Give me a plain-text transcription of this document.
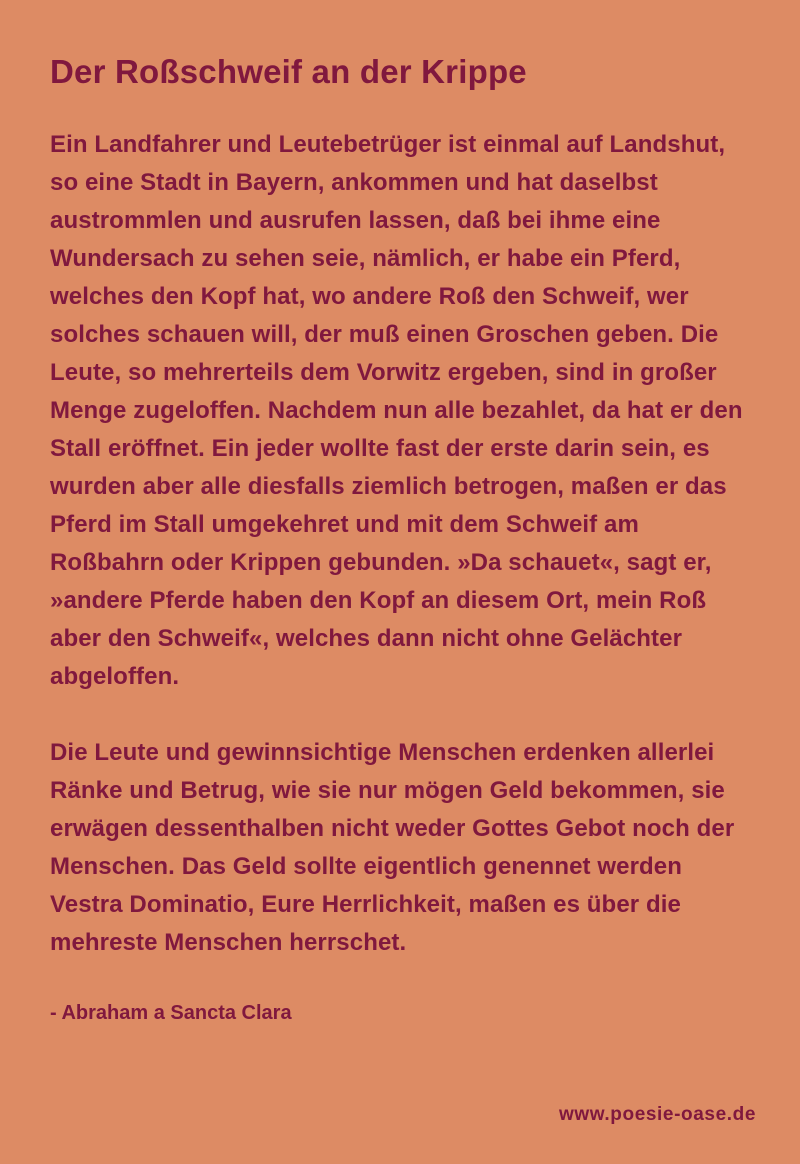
Der Roßschweif an der Krippe

Ein Landfahrer und Leutebetrüger ist einmal auf Landshut, so eine Stadt in Bayern, ankommen und hat daselbst austrommlen und ausrufen lassen, daß bei ihme eine Wundersach zu sehen seie, nämlich, er habe ein Pferd, welches den Kopf hat, wo andere Roß den Schweif, wer solches schauen will, der muß einen Groschen geben. Die Leute, so mehrerteils dem Vorwitz ergeben, sind in großer Menge zugeloffen. Nachdem nun alle bezahlet, da hat er den Stall eröffnet. Ein jeder wollte fast der erste darin sein, es wurden aber alle diesfalls ziemlich betrogen, maßen er das Pferd im Stall umgekehret und mit dem Schweif am Roßbahrn oder Krippen gebunden. »Da schauet«, sagt er, »andere Pferde haben den Kopf an diesem Ort, mein Roß aber den Schweif«, welches dann nicht ohne Gelächter abgeloffen.

Die Leute und gewinnsichtige Menschen erdenken allerlei Ränke und Betrug, wie sie nur mögen Geld bekommen, sie erwägen dessenthalben nicht weder Gottes Gebot noch der Menschen. Das Geld sollte eigentlich genennet werden Vestra Dominatio, Eure Herrlichkeit, maßen es über die mehreste Menschen herrschet.

- Abraham a Sancta Clara

www.poesie-oase.de
